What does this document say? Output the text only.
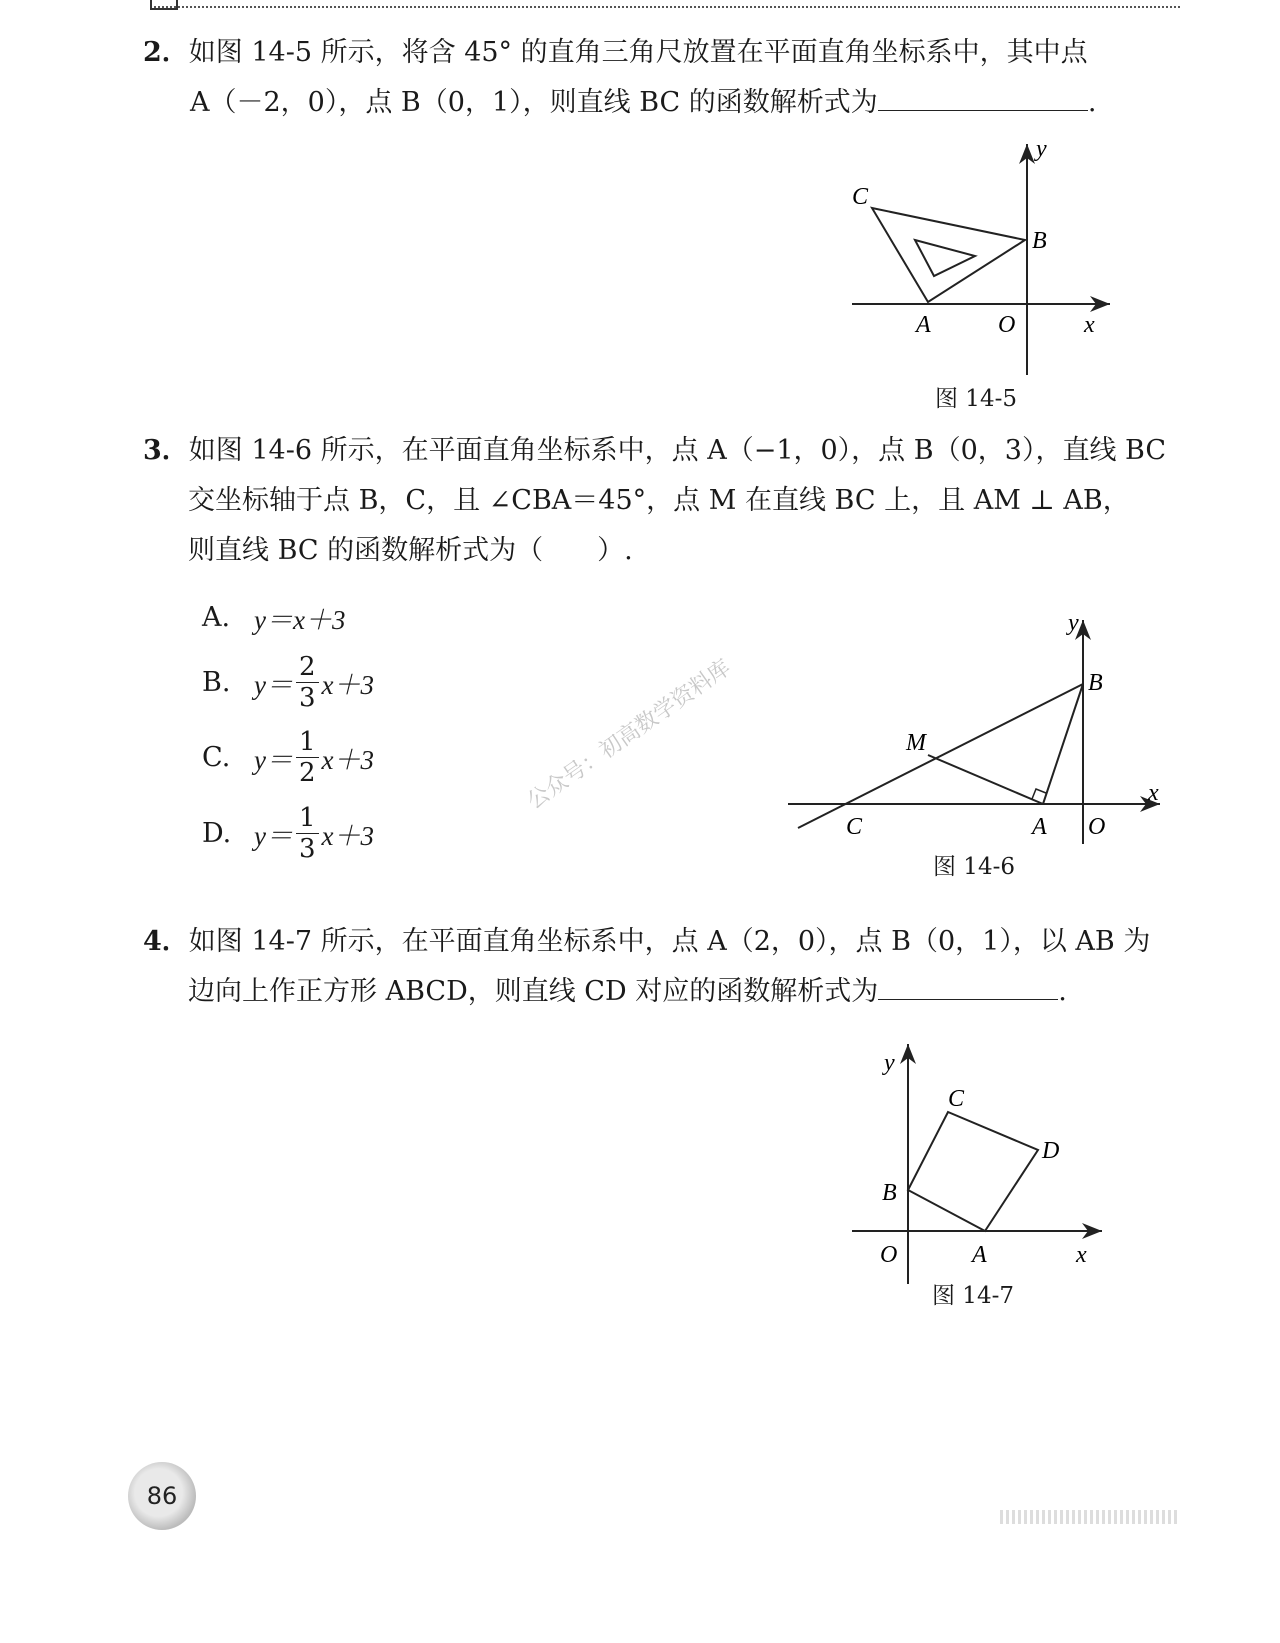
2．如图 14-5 所示，将含 45° 的直角三角尺放置在平面直角坐标系中，其中点
A（－2，0），点 B（0，1），则直线 BC 的函数解析式为	.
C
B
A	O	x
y
图 14-5
3．如图 14-6 所示，在平面直角坐标系中，点 A（−1，0），点 B（0，3），直线 BC
交坐标轴于点 B，C，且 ∠CBA＝45°，点 M 在直线 BC 上，且 AM ⊥ AB，
则直线 BC 的函数解析式为（　　）.
A. y＝x＋3
B. $y= \frac{2}{3} x+3$
C. $y= \frac{1}{2} x+3$
D. $y= \frac{1}{3} x+3$
M
B
C	A O
x
y
图 14-6
公众号：初高数学资料库
4．如图 14-7 所示，在平面直角坐标系中，点 A（2，0），点 B（0，1），以 AB 为
边向上作正方形 ABCD，则直线 CD 对应的函数解析式为	.
C
D
B
O	A	x
y
图 14-7
86
